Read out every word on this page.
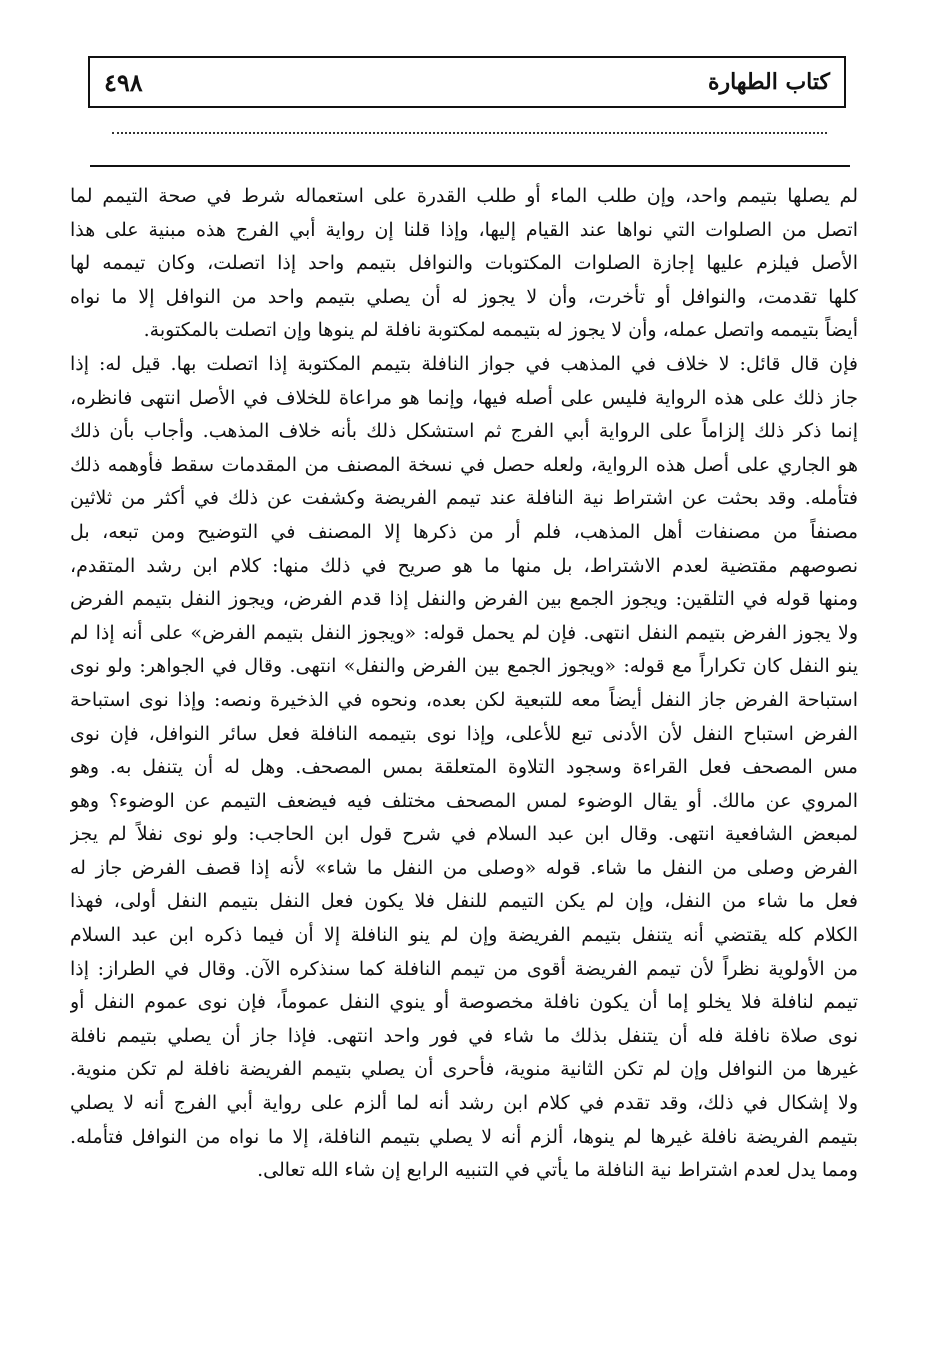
٤٩٨	كتاب الطهارة
لم يصلها بتيمم واحد، وإن طلب الماء أو طلب القدرة على استعماله شرط في صحة التيمم لما
اتصل من الصلوات التي نواها عند القيام إليها، وإذا قلنا إن رواية أبي الفرج هذه مبنية على هذا
الأصل فيلزم عليها إجازة الصلوات المكتوبات والنوافل بتيمم واحد إذا اتصلت، وكان تيممه لها
كلها تقدمت، والنوافل أو تأخرت، وأن لا يجوز له أن يصلي بتيمم واحد من النوافل إلا ما نواه
أيضاً بتيممه واتصل عمله، وأن لا يجوز له بتيممه لمكتوبة نافلة لم ينوها وإن اتصلت بالمكتوبة.
فإن قال قائل: لا خلاف في المذهب في جواز النافلة بتيمم المكتوبة إذا اتصلت بها. قيل له: إذا
جاز ذلك على هذه الرواية فليس على أصله فيها، وإنما هو مراعاة للخلاف في الأصل انتهى فانظره،
إنما ذكر ذلك إلزاماً على الرواية أبي الفرج ثم استشكل ذلك بأنه خلاف المذهب. وأجاب بأن ذلك
هو الجاري على أصل هذه الرواية، ولعله حصل في نسخة المصنف من المقدمات سقط فأوهمه ذلك
فتأمله. وقد بحثت عن اشتراط نية النافلة عند تيمم الفريضة وكشفت عن ذلك في أكثر من ثلاثين
مصنفاً من مصنفات أهل المذهب، فلم أر من ذكرها إلا المصنف في التوضيح ومن تبعه، بل
نصوصهم مقتضية لعدم الاشتراط، بل منها ما هو صريح في ذلك منها: كلام ابن رشد المتقدم،
ومنها قوله في التلقين: ويجوز الجمع بين الفرض والنفل إذا قدم الفرض، ويجوز النفل بتيمم الفرض
ولا يجوز الفرض بتيمم النفل انتهى. فإن لم يحمل قوله: «ويجوز النفل بتيمم الفرض» على أنه إذا لم
ينو النفل كان تكراراً مع قوله: «ويجوز الجمع بين الفرض والنفل» انتهى. وقال في الجواهر: ولو نوى
استباحة الفرض جاز النفل أيضاً معه للتبعية لكن بعده، ونحوه في الذخيرة ونصه: وإذا نوى استباحة
الفرض استباح النفل لأن الأدنى تبع للأعلى، وإذا نوى بتيممه النافلة فعل سائر النوافل، فإن نوى
مس المصحف فعل القراءة وسجود التلاوة المتعلقة بمس المصحف. وهل له أن يتنفل به. وهو
المروي عن مالك. أو يقال الوضوء لمس المصحف مختلف فيه فيضعف التيمم عن الوضوء؟ وهو
لمبعض الشافعية انتهى. وقال ابن عبد السلام في شرح قول ابن الحاجب: ولو نوى نفلاً لم يجز
الفرض وصلى من النفل ما شاء. قوله «وصلى من النفل ما شاء» لأنه إذا قصف الفرض جاز له
فعل ما شاء من النفل، وإن لم يكن التيمم للنفل فلا يكون فعل النفل بتيمم النفل أولى، فهذا
الكلام كله يقتضي أنه يتنفل بتيمم الفريضة وإن لم ينو النافلة إلا أن فيما ذكره ابن عبد السلام
من الأولوية نظراً لأن تيمم الفريضة أقوى من تيمم النافلة كما سنذكره الآن. وقال في الطراز: إذا
تيمم لنافلة فلا يخلو إما أن يكون نافلة مخصوصة أو ينوي النفل عموماً، فإن نوى عموم النفل أو
نوى صلاة نافلة فله أن يتنفل بذلك ما شاء في فور واحد انتهى. فإذا جاز أن يصلي بتيمم نافلة
غيرها من النوافل وإن لم تكن الثانية منوية، فأحرى أن يصلي بتيمم الفريضة نافلة لم تكن منوية.
ولا إشكال في ذلك، وقد تقدم في كلام ابن رشد أنه لما ألزم على رواية أبي الفرج أنه لا يصلي
بتيمم الفريضة نافلة غيرها لم ينوها، ألزم أنه لا يصلي بتيمم النافلة، إلا ما نواه من النوافل فتأمله.
ومما يدل لعدم اشتراط نية النافلة ما يأتي في التنبيه الرابع إن شاء الله تعالى.
